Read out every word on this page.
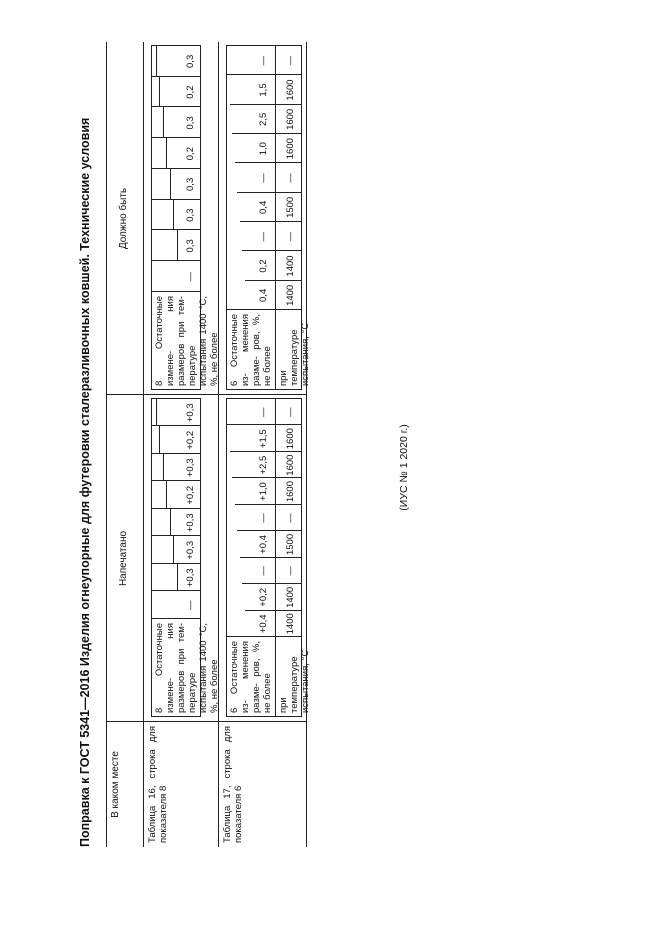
Поправка к ГОСТ 5341—2016 Изделия огнеупорные для футеровки сталеразливочных ковшей. Технические условия В каком месте
Напечатано
Должно быть
Таблица 16, строка для показателя 8	Таблица 17, строка для показателя 6
8 Остаточные измене- ния размеров при тем- пературе испытания 1400 °С, %, не более
—
+0,3
+0,3
+0,3
+0,2
+0,3
+0,2
+0,3
8 Остаточные измене- ния размеров при тем- пературе испытания 1400 °С, %, не более
—
0,3
0,3
0,3
0,2
0,3
0,2
0,3
6 Остаточные из- менения разме- ров, %, не более при температуре испытания, °С
+0,4 1400
+0,2 1400
— —
+0,4 1500
— —
+1,0 1600
+2,5 1600
+1,5 1600
— —
6 Остаточные из- менения разме- ров, %, не более при температуре испытания, °С
0,4 1400
0,2 1400
— —
0,4 1500
— —
1,0 1600
2,5 1600
1,5 1600
— —
(ИУС № 1 2020 г.)
